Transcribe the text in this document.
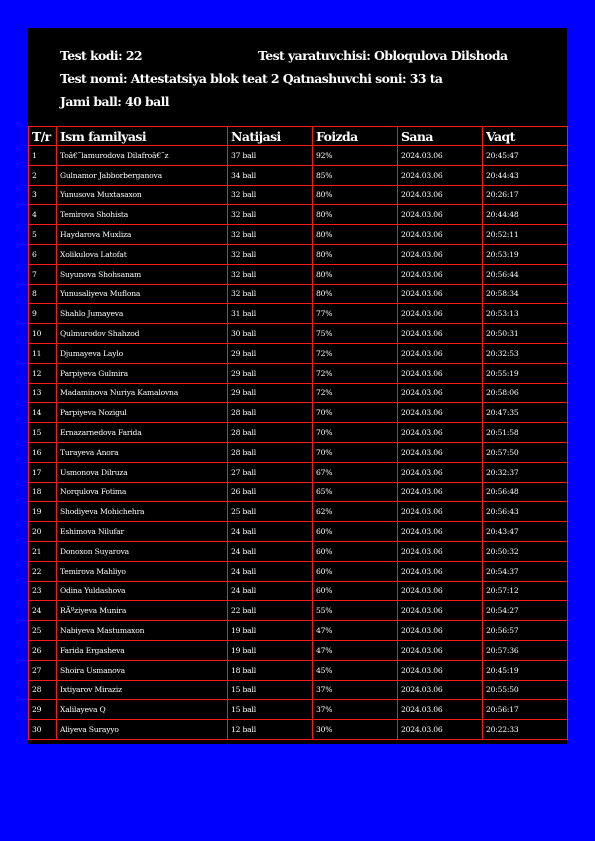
Test kodi: 22	Test yaratuvchisi: Obloqulova Dilshoda
Test nomi: Attestatsiya blok teat 2 Qatnashuvchi soni: 33 ta
Jami ball: 40 ball
T/r	Ism familyasi	Natijasi	Foizda	Sana	Vaqt
1	Toâ€˜lamurodova Dilafroâ€˜z	37 ball	92%	2024.03.06	20:45:47
2	Gulnamor Jabborberganova	34 ball	85%	2024.03.06	20:44:43
3	Yunusova Muxtasaxon	32 ball	80%	2024.03.06	20:26:17
4	Temirova Shohista	32 ball	80%	2024.03.06	20:44:48
5	Haydarova Muxliza	32 ball	80%	2024.03.06	20:52:11
6	Xolikulova Latofat	32 ball	80%	2024.03.06	20:53:19
7	Suyunova Shohsanam	32 ball	80%	2024.03.06	20:56:44
8	Yunusaliyeva Muflona	32 ball	80%	2024.03.06	20:58:34
9	Shahlo Jumayeva	31 ball	77%	2024.03.06	20:53:13
10	Qulmurodov Shahzod	30 ball	75%	2024.03.06	20:50:31
11	Djumayeva Laylo	29 ball	72%	2024.03.06	20:32:53
12	Parpiyeva Gulmira	29 ball	72%	2024.03.06	20:55:19
13	Madaminova Nuriya Kamalovna	29 ball	72%	2024.03.06	20:58:06
14	Parpiyeva Nozigul	28 ball	70%	2024.03.06	20:47:35
15	Ernazarnedova Farida	28 ball	70%	2024.03.06	20:51:58
16	Turayeva Anora	28 ball	70%	2024.03.06	20:57:50
17	Usmonova Dilruza	27 ball	67%	2024.03.06	20:32:37
18	Norqulova Fotima	26 ball	65%	2024.03.06	20:56:48
19	Shodiyeva Mohichehra	25 ball	62%	2024.03.06	20:56:43
20	Eshimova Nilufar	24 ball	60%	2024.03.06	20:43:47
21	Donoxon Suyarova	24 ball	60%	2024.03.06	20:50:32
22	Temirova Mahliyo	24 ball	60%	2024.03.06	20:54:37
23	Odina Yuldashova	24 ball	60%	2024.03.06	20:57:12
24	RÃºziyeva Munira	22 ball	55%	2024.03.06	20:54:27
25	Nabiyeva Mastumaxon	19 ball	47%	2024.03.06	20:56:57
26	Farida Ergasheva	19 ball	47%	2024.03.06	20:57:36
27	Shoira Usmanova	18 ball	45%	2024.03.06	20:45:19
28	Ixtiyarov Miraziz	15 ball	37%	2024.03.06	20:55:50
29	Xalilayeva Q	15 ball	37%	2024.03.06	20:56:17
30	Aliyeva Surayyo	12 ball	30%	2024.03.06	20:22:33
